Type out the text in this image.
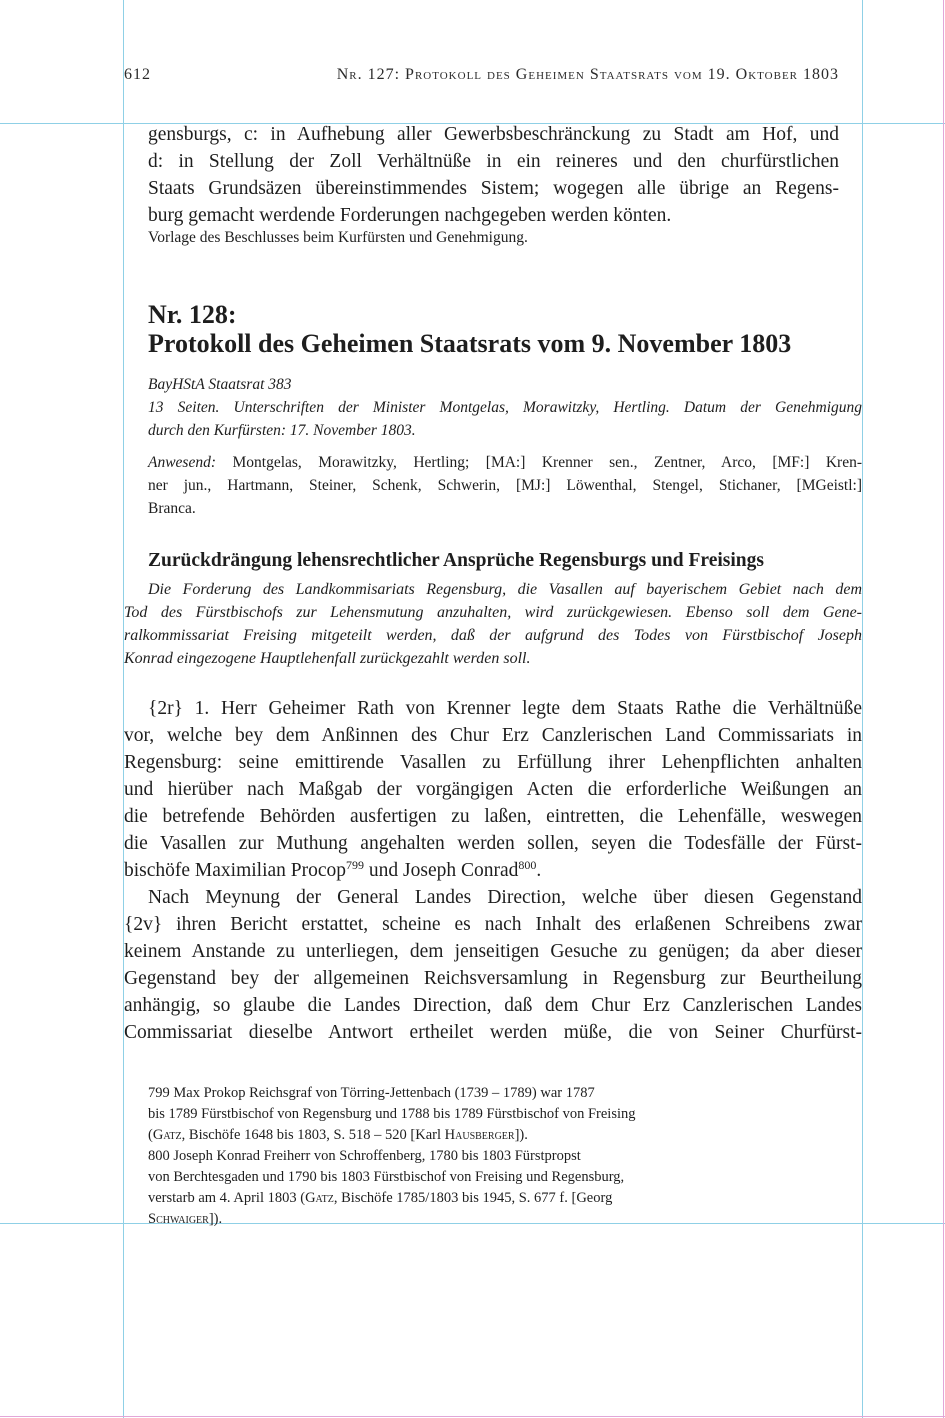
612	Nr. 127: Protokoll des Geheimen Staatsrats vom 19. Oktober 1803
gensburgs, c: in Aufhebung aller Gewerbsbeschränckung zu Stadt am Hof, und
d: in Stellung der Zoll Verhältnüße in ein reineres und den churfürstlichen
Staats Grundsäzen übereinstimmendes Sistem; wogegen alle übrige an Regens-
burg gemacht werdende Forderungen nachgegeben werden könten.
Vorlage des Beschlusses beim Kurfürsten und Genehmigung.
Nr. 128:
Protokoll des Geheimen Staatsrats vom 9. November 1803
BayHStA Staatsrat 383
13 Seiten. Unterschriften der Minister Montgelas, Morawitzky, Hertling. Datum der Genehmigung
durch den Kurfürsten: 17. November 1803.
Anwesend: Montgelas, Morawitzky, Hertling; [MA:] Krenner sen., Zentner, Arco, [MF:] Kren-
ner jun., Hartmann, Steiner, Schenk, Schwerin, [MJ:] Löwenthal, Stengel, Stichaner, [MGeistl:]
Branca.
Zurückdrängung lehensrechtlicher Ansprüche Regensburgs und Freisings
Die Forderung des Landkommisariats Regensburg, die Vasallen auf bayerischem Gebiet nach dem
Tod des Fürstbischofs zur Lehensmutung anzuhalten, wird zurückgewiesen. Ebenso soll dem Gene-
ralkommissariat Freising mitgeteilt werden, daß der aufgrund des Todes von Fürstbischof Joseph
Konrad eingezogene Hauptlehenfall zurückgezahlt werden soll.
{2r} 1. Herr Geheimer Rath von Krenner legte dem Staats Rathe die Verhältnüße
vor, welche bey dem Anßinnen des Chur Erz Canzlerischen Land Commissariats in
Regensburg: seine emittirende Vasallen zu Erfüllung ihrer Lehenpflichten anhalten
und hierüber nach Maßgab der vorgängigen Acten die erforderliche Weißungen an
die betrefende Behörden ausfertigen zu laßen, eintretten, die Lehenfälle, weswegen
die Vasallen zur Muthung angehalten werden sollen, seyen die Todesfälle der Fürst-
bischöfe Maximilian Procop$^{799}$ und Joseph Conrad$^{800}$.
Nach Meynung der General Landes Direction, welche über diesen Gegenstand
{2v} ihren Bericht erstattet, scheine es nach Inhalt des erlaßenen Schreibens zwar
keinem Anstande zu unterliegen, dem jenseitigen Gesuche zu genügen; da aber dieser
Gegenstand bey der allgemeinen Reichsversamlung in Regensburg zur Beurtheilung
anhängig, so glaube die Landes Direction, daß dem Chur Erz Canzlerischen Landes
Commissariat dieselbe Antwort ertheilet werden müße, die von Seiner Churfürst-
799 Max Prokop Reichsgraf von Törring-Jettenbach (1739 – 1789) war 1787
bis 1789 Fürstbischof von Regensburg und 1788 bis 1789 Fürstbischof von Freising
(Gatz, Bischöfe 1648 bis 1803, S. 518 – 520 [Karl Hausberger]).
800 Joseph Konrad Freiherr von Schroffenberg, 1780 bis 1803 Fürstpropst
von Berchtesgaden und 1790 bis 1803 Fürstbischof von Freising und Regensburg,
verstarb am 4. April 1803 (Gatz, Bischöfe 1785/1803 bis 1945, S. 677 f. [Georg
Schwaiger]).
